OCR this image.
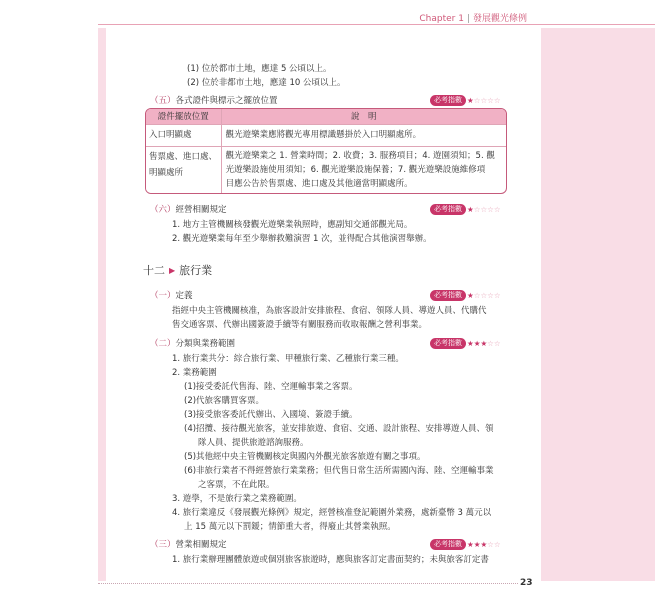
Chapter 1 | 發展觀光條例
(1) 位於都市土地，應達 5 公頃以上。
(2) 位於非都市土地，應達 10 公頃以上。
（五）各式證件與標示之擺放位置	必考指數 ★☆☆☆☆
證件擺放位置	說　明
入口明顯處	觀光遊樂業應將觀光專用標識懸掛於入口明顯處所。
售票處、進口處、明顯處所
觀光遊樂業之 1. 營業時間；2. 收費；3. 服務項目；4. 遊園須知；5. 觀
光遊樂設施使用須知；6. 觀光遊樂設施保養；7. 觀光遊樂設施維修項
目應公告於售票處、進口處及其他適當明顯處所。
（六）經營相關規定	必考指數 ★☆☆☆☆
1. 地方主管機關核發觀光遊樂業執照時，應副知交通部觀光局。
2. 觀光遊樂業每年至少舉辦救難演習 1 次，並得配合其他演習舉辦。
十二 ▶ 旅行業
（一）定義	必考指數 ★☆☆☆☆
指經中央主管機關核准，為旅客設計安排旅程、食宿、領隊人員、導遊人員、代購代
售交通客票、代辦出國簽證手續等有關服務而收取報酬之營利事業。
（二）分類與業務範圍	必考指數 ★★★☆☆
1. 旅行業共分：綜合旅行業、甲種旅行業、乙種旅行業三種。
2. 業務範圍
(1)接受委託代售海、陸、空運輸事業之客票。
(2)代旅客購買客票。
(3)接受旅客委託代辦出、入國境、簽證手續。
(4)招攬、接待觀光旅客，並安排旅遊、食宿、交通、設計旅程、安排導遊人員、領
隊人員、提供旅遊諮詢服務。
(5)其他經中央主管機關核定與國內外觀光旅客旅遊有關之事項。
(6)非旅行業者不得經營旅行業業務；但代售日常生活所需國內海、陸、空運輸事業
之客票，不在此限。
3. 遊學，不是旅行業之業務範圍。
4. 旅行業違反《發展觀光條例》規定，經營核准登記範圍外業務，處新臺幣 3 萬元以
上 15 萬元以下罰鍰；情節重大者，得廢止其營業執照。
（三）營業相關規定	必考指數 ★★★☆☆
1. 旅行業辦理團體旅遊或個別旅客旅遊時，應與旅客訂定書面契約；未與旅客訂定書
23
